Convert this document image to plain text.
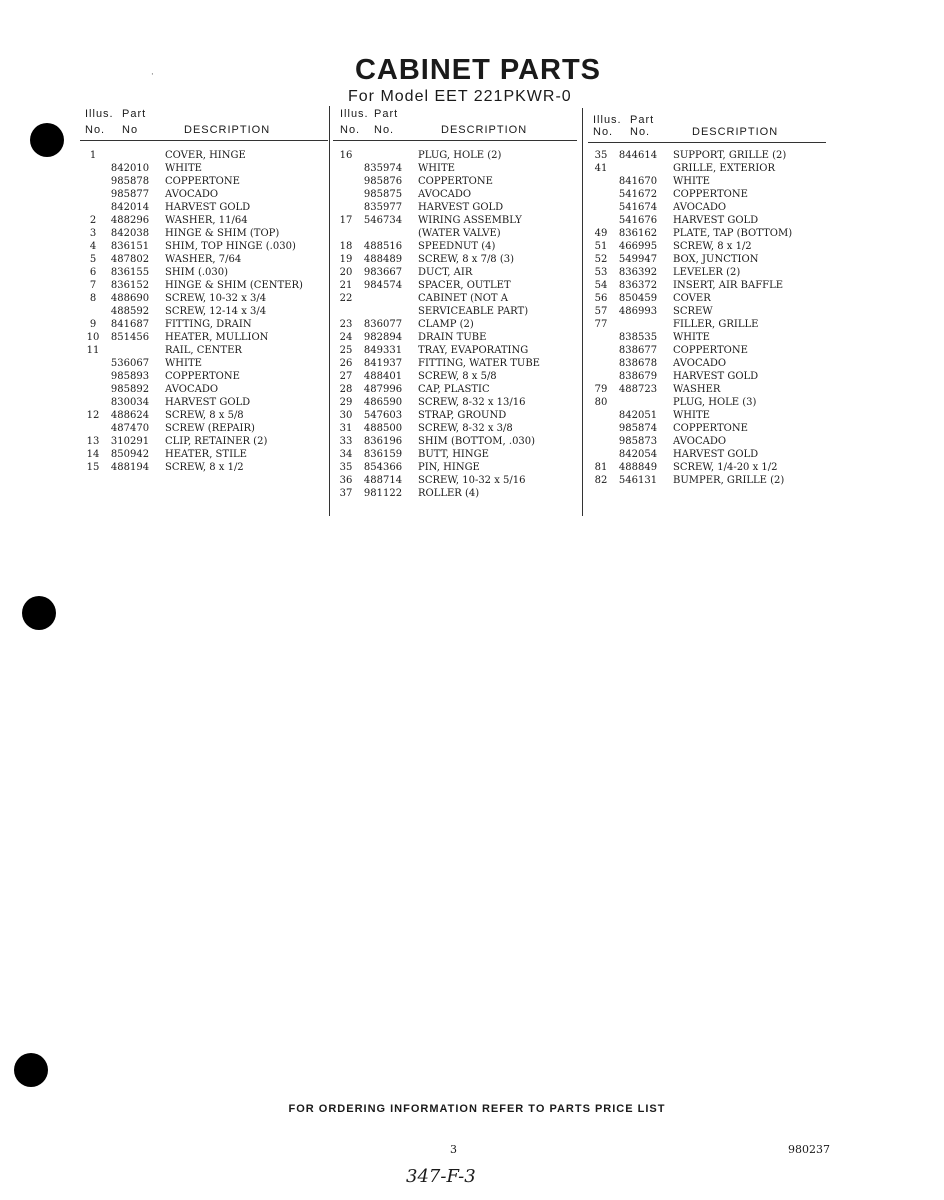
CABINET PARTS
For Model EET 221PKWR-0
Illus. Part
No. No	DESCRIPTION
1	COVER, HINGE
842010 WHITE
985878 COPPERTONE
985877 AVOCADO
842014 HARVEST GOLD
2	488296 WASHER, 11/64
3	842038 HINGE & SHIM (TOP)
4	836151 SHIM, TOP HINGE (.030)
5	487802 WASHER, 7/64
6	836155 SHIM (.030)
7	836152 HINGE & SHIM (CENTER)
8	488690 SCREW, 10-32 x 3/4
488592 SCREW, 12-14 x 3/4
9	841687 FITTING, DRAIN
10	851456 HEATER, MULLION
11	RAIL, CENTER
536067 WHITE
985893 COPPERTONE
985892 AVOCADO
830034 HARVEST GOLD
12	488624 SCREW, 8 x 5/8
487470 SCREW (REPAIR)
13	310291 CLIP, RETAINER (2)
14	850942 HEATER, STILE
15	488194 SCREW, 8 x 1/2
Illus. Part
No. No.	DESCRIPTION
16	PLUG, HOLE (2)
835974 WHITE
985876 COPPERTONE
985875 AVOCADO
835977 HARVEST GOLD
17	546734 WIRING ASSEMBLY
(WATER VALVE)
18	488516 SPEEDNUT (4)
19	488489 SCREW, 8 x 7/8 (3)
20	983667 DUCT, AIR
21	984574 SPACER, OUTLET
22	CABINET (NOT A
SERVICEABLE PART)
23	836077 CLAMP (2)
24	982894 DRAIN TUBE
25	849331 TRAY, EVAPORATING
26	841937 FITTING, WATER TUBE
27	488401 SCREW, 8 x 5/8
28	487996 CAP, PLASTIC
29	486590 SCREW, 8-32 x 13/16
30	547603 STRAP, GROUND
31	488500 SCREW, 8-32 x 3/8
33	836196 SHIM (BOTTOM, .030)
34	836159 BUTT, HINGE
35	854366 PIN, HINGE
36	488714 SCREW, 10-32 x 5/16
37	981122 ROLLER (4)
Illus. Part
No. No.	DESCRIPTION
35	844614 SUPPORT, GRILLE (2)
41	GRILLE, EXTERIOR
841670 WHITE
541672 COPPERTONE
541674 AVOCADO
541676 HARVEST GOLD
49	836162 PLATE, TAP (BOTTOM)
51	466995 SCREW, 8 x 1/2
52	549947 BOX, JUNCTION
53	836392 LEVELER (2)
54	836372 INSERT, AIR BAFFLE
56	850459 COVER
57	486993 SCREW
77	FILLER, GRILLE
838535 WHITE
838677 COPPERTONE
838678 AVOCADO
838679 HARVEST GOLD
79	488723 WASHER
80	PLUG, HOLE (3)
842051 WHITE
985874 COPPERTONE
985873 AVOCADO
842054 HARVEST GOLD
81	488849 SCREW, 1/4-20 x 1/2
82	546131 BUMPER, GRILLE (2)
·
FOR ORDERING INFORMATION REFER TO PARTS PRICE LIST
3	980237
347-F-3
